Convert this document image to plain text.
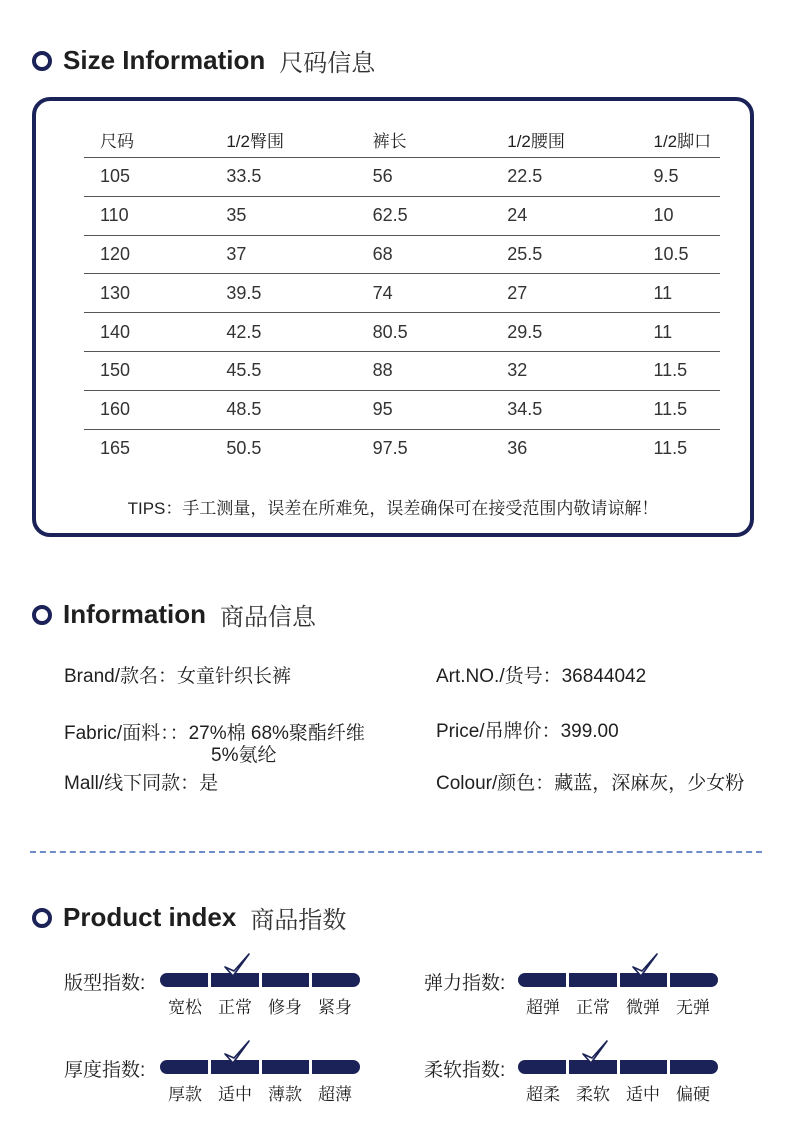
Size Information 尺码信息
尺码	1/2臀围	裤长	1/2腰围	1/2脚口
105	33.5	56	22.5	9.5
110	35	62.5	24	10
120	37	68	25.5	10.5
130	39.5	74	27	11
140	42.5	80.5	29.5	11
150	45.5	88	32	11.5
160	48.5	95	34.5	11.5
165	50.5	97.5	36	11.5
TIPS：手工测量，误差在所难免，误差确保可在接受范围内敬请谅解！
Information 商品信息
Brand/款名：女童针织长裤	Art.NO./货号：36844042
Fabric/面料：：27%棉 68%聚酯纤维
5%氨纶
Price/吊牌价：399.00
Mall/线下同款：是	Colour/颜色：藏蓝，深麻灰，少女粉
Product index 商品指数
版型指数:
宽松 正常 修身 紧身
弹力指数:
超弹 正常 微弹 无弹
厚度指数:
厚款 适中 薄款 超薄
柔软指数:
超柔 柔软 适中 偏硬
